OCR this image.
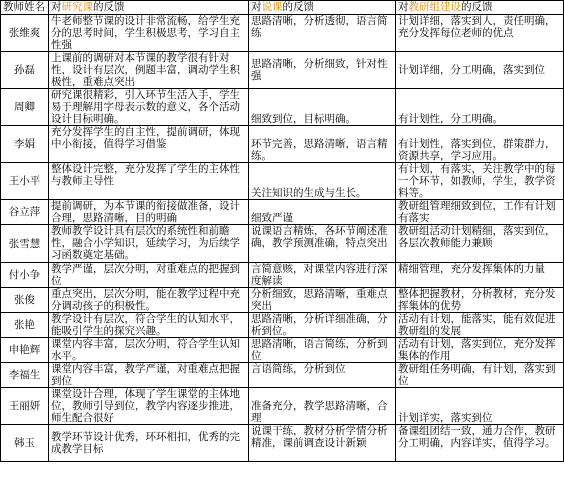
教师姓名	对研究课的反馈	对说课的反馈	对教研组建设的反馈
张维爽	牛老师整节课的设计非常流畅，给学生充分的思考时间，学生积极思考，学习自主性强	思路清晰，分析透彻，语言简练	计划详细，落实到人，责任明确，充分发挥每位老师的优点
孙磊	上课前的调研对本节课的教学很有针对性，设计有层次，例题丰富，调动学生积极性，重难点突出	思路清晰，分析细致，针对性强	计划详细，分工明确，落实到位
周卿	研究课很精彩，引入环节生活入手，学生易于理解用字母表示数的意义，各个活动设计目标明确。	细致到位，目标明确。	有计划性，分工明确。
李娟	充分发挥学生的自主性，提前调研，体现中小衔接，值得学习借鉴	环节完善，思路清晰，语言精练。	有计划性，落实到位，群策群力，资源共享，学习应用。
王小平	整体设计完整，充分发挥了学生的主体性与教师主导性	关注知识的生成与生长。	有计划，有落实，关注教学中的每一个环节，如教师，学生，教学资料等。
谷立萍	提前调研，为本节课的衔接做准备，设计合理，思路清晰，目的明确	细致严谨	教研组管理细致到位，工作有计划有落实
张雪慧	教师教学设计具有层次的系统性和前瞻性，融合小学知识，延续学习，为后续学习函数奠定基础。	说课语言精炼，各环节阐述准确，教学预测准确，特点突出	教研组活动计划精细，落实到位，各层次教师能力兼顾
付小争	教学严谨，层次分明，对重难点的把握到位	言简意赅，对课堂内容进行深度解读	精细管理，充分发挥集体的力量
张俊	重点突出，层次分明，能在教学过程中充分调动孩子的积极性。	分析细致，思路清晰，重难点突出	整体把握教材，分析教材，充分发挥集体的优势
张艳	教学设计有层次，符合学生的认知水平，能吸引学生的探究兴趣。	思路清晰，分析详细准确，分析到位。	活动有计划，能落实，能有效促进教研组的发展
申艳辉	课堂内容丰富，层次分明，符合学生认知水平。	思路清晰，语言简练，分析到位	活动有计划，落实到位，充分发挥集体的作用
李福生	课堂内容丰富，教学严谨，对重难点把握到位	言语简练，分析到位	教研组任务明确，有计划，落实到位
王丽妍	课堂设计合理，体现了学生课堂的主体地位，教师引导到位，教学内容逐步推进，师生配合很好	准备充分，教学思路清晰，合理	计划详实，落实到位
韩玉	教学环节设计优秀，环环相扣，优秀的完成教学目标	说课干练，教材分析学情分析精准，课前调查设计新颖	备课组团结一致，通力合作，教研分工明确，内容详实，值得学习。
